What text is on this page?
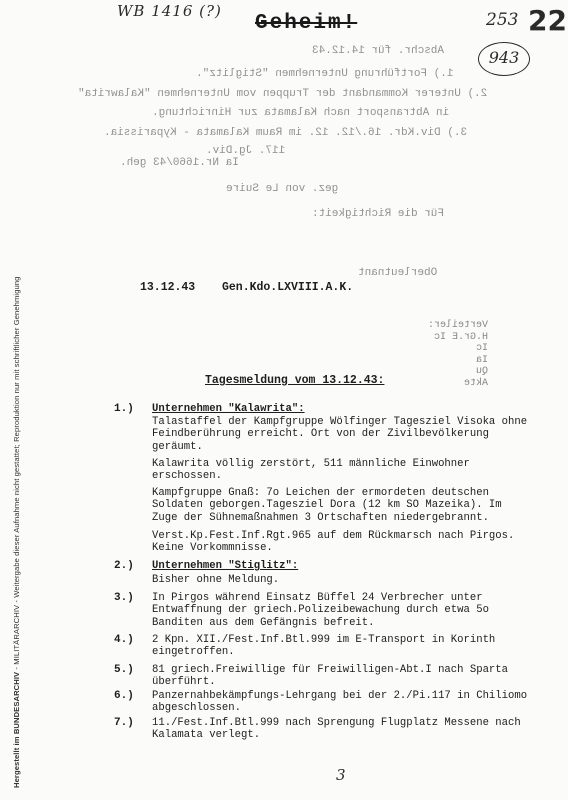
Hergestellt im BUNDESARCHIV - MILITÄRARCHIV - Weitergabe dieser Aufnahme nicht gestattet; Reproduktion nur mit schriftlicher Genehmigung
WB 1416 (?)
Geheim!	253 22
943
Abschr. für 14.12.43
1.) Fortführung Unternehmen "Stiglitz".
2.) Unterer Kommandant der Truppen vom Unternehmen "Kalawrita"
in Abtransport nach Kalamata zur Hinrichtung.
3.) Div.Kdr. 16./12. 12. im Raum Kalamata - Kyparissia.
117. Jg.Div.
Ia Nr.1660/43 geh.
gez. von Le Suire
Für die Richtigkeit:
Oberleutnant
Verteiler:
H.Gr.E Ic
Ic
Ia
Qu
Akte
13.12.43 Gen.Kdo.LXVIII.A.K.
Tagesmeldung vom 13.12.43:
1.) Unternehmen "Kalawrita":
Talastaffel der Kampfgruppe Wölfinger Tagesziel Visoka ohne Feindberührung erreicht. Ort von der Zivilbevölkerung geräumt.
Kalawrita völlig zerstört, 511 männliche Einwohner erschossen.
Kampfgruppe Gnaß: 7o Leichen der ermordeten deutschen Soldaten geborgen.Tagesziel Dora (12 km SO Mazeika). Im Zuge der Sühnemaßnahmen 3 Ortschaften niedergebrannt.
Verst.Kp.Fest.Inf.Rgt.965 auf dem Rückmarsch nach Pirgos. Keine Vorkommnisse.
2.) Unternehmen "Stiglitz":
Bisher ohne Meldung.
3.) In Pirgos während Einsatz Büffel 24 Verbrecher unter Entwaffnung der griech.Polizeibewachung durch etwa 5o Banditen aus dem Gefängnis befreit.
4.) 2 Kpn. XII./Fest.Inf.Btl.999 im E-Transport in Korinth eingetroffen.
5.) 81 griech.Freiwillige für Freiwilligen-Abt.I nach Sparta überführt.
6.) Panzernahbekämpfungs-Lehrgang bei der 2./Pi.117 in Chiliomo abgeschlossen.
7.) 11./Fest.Inf.Btl.999 nach Sprengung Flugplatz Messene nach Kalamata verlegt.
3
